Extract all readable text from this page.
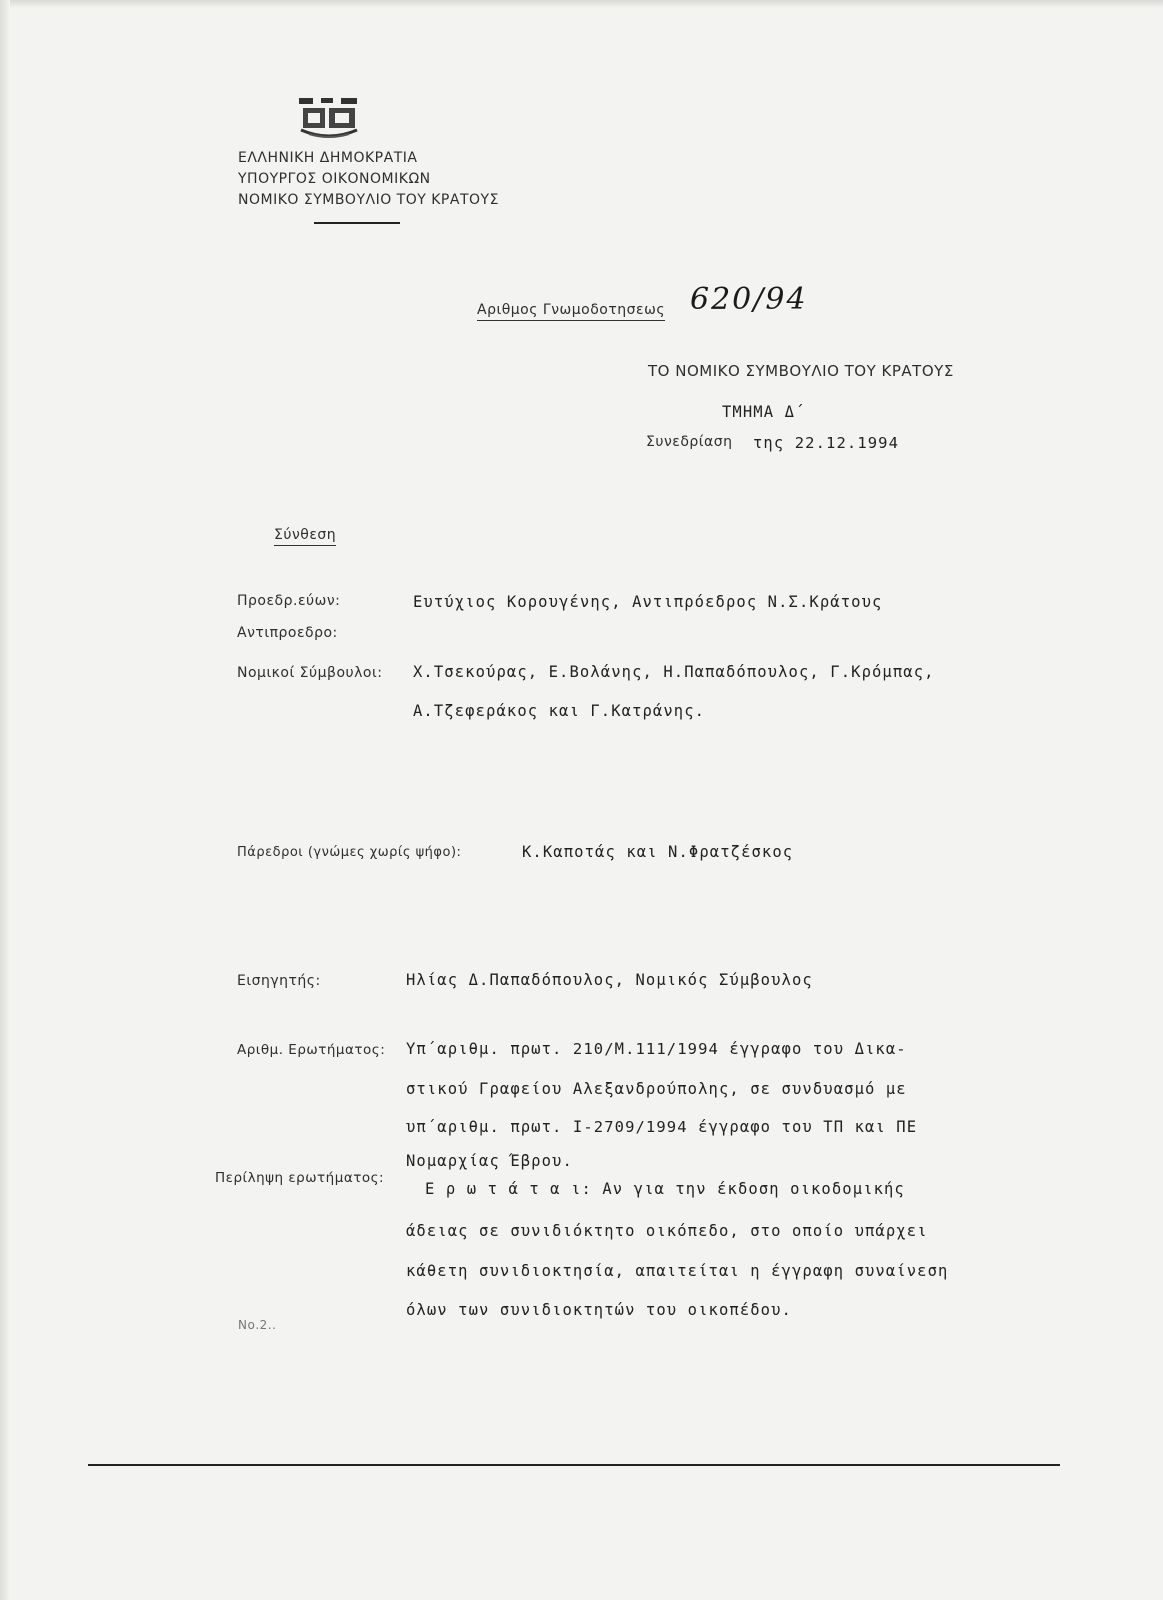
ΕΛΛΗΝΙΚΗ ΔΗΜΟΚΡΑΤΙΑ
ΥΠΟΥΡΓΟΣ ΟΙΚΟΝΟΜΙΚΩΝ
ΝΟΜΙΚΟ ΣΥΜΒΟΥΛΙΟ ΤΟΥ ΚΡΑΤΟΥΣ
Αριθμος Γνωμοδοτησεως 620/94
ΤΟ ΝΟΜΙΚΟ ΣΥΜΒΟΥΛΙΟ ΤΟΥ ΚΡΑΤΟΥΣ
ΤΜΗΜΑ Δ΄
Συνεδρίαση της 22.12.1994
Σύνθεση
Προεδρ.εύων:	Ευτύχιος Κορουγένης, Αντιπρόεδρος Ν.Σ.Κράτους
Αντιπροεδρο:
Νομικοί Σύμβουλοι: Χ.Τσεκούρας, Ε.Βολάνης, Η.Παπαδόπουλος, Γ.Κρόμπας,
Α.Τζεφεράκος και Γ.Κατράνης.
Πάρεδροι (γνώμες χωρίς ψήφο):	Κ.Καποτάς και Ν.Φρατζέσκος
Εισηγητής:	Ηλίας Δ.Παπαδόπουλος, Νομικός Σύμβουλος
Αριθμ. Ερωτήματος: Υπ΄αριθμ. πρωτ. 210/Μ.111/1994 έγγραφο του Δικα-
στικού Γραφείου Αλεξανδρούπολης, σε συνδυασμό με
υπ΄αριθμ. πρωτ. Ι-2709/1994 έγγραφο του ΤΠ και ΠΕ
Νομαρχίας Έβρου.
Περίληψη ερωτήματος:
Ε ρ ω τ ά τ α ι: Αν για την έκδοση οικοδομικής
άδειας σε συνιδιόκτητο οικόπεδο, στο οποίο υπάρχει
κάθετη συνιδιοκτησία, απαιτείται η έγγραφη συναίνεση
όλων των συνιδιοκτητών του οικοπέδου.
Νο.2..
